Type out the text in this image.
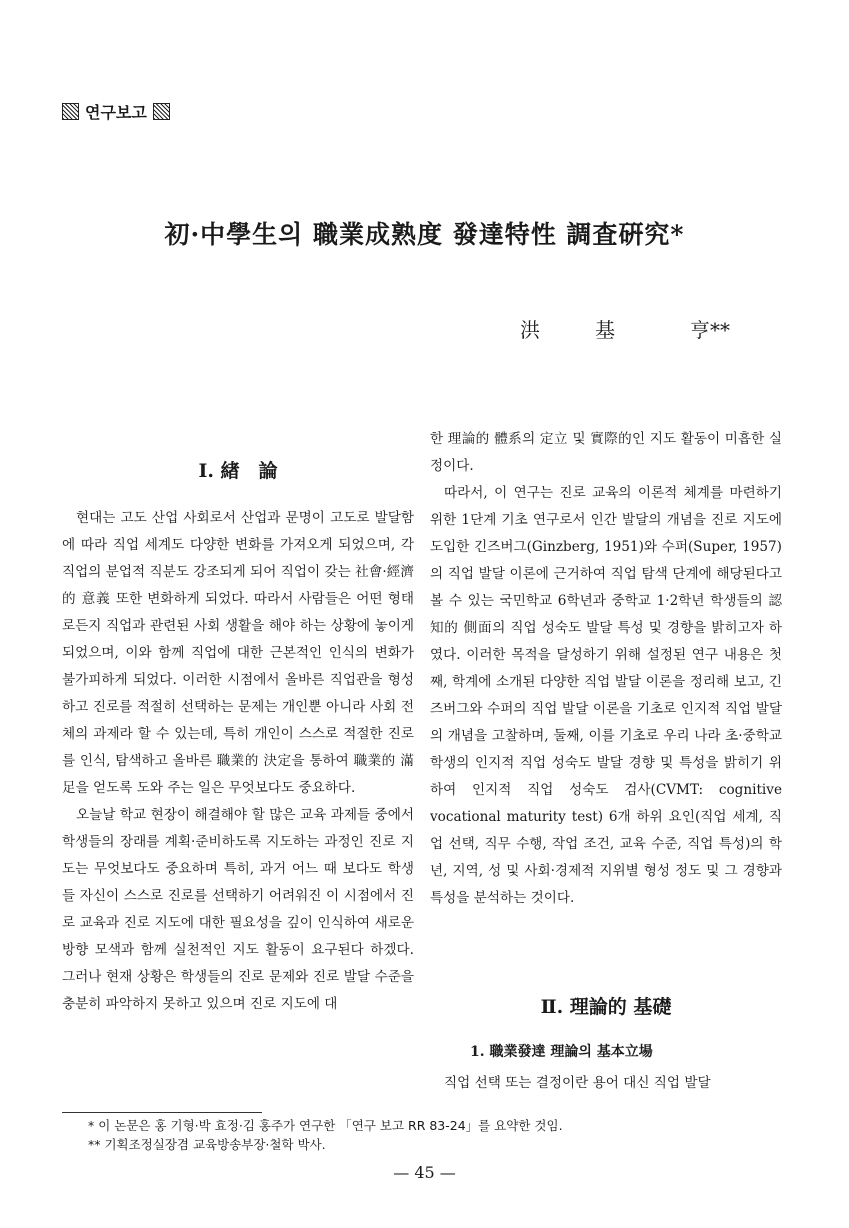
연구보고
初·中學生의 職業成熟度 發達特性 調査硏究*
洪	基	亨**
Ⅰ. 緖　論

현대는 고도 산업 사회로서 산업과 문명이 고도로 발달함에 따라 직업 세계도 다양한 변화를 가져오게 되었으며, 각 직업의 분업적 직분도 강조되게 되어 직업이 갖는 社會·經濟的 意義 또한 변화하게 되었다. 따라서 사람들은 어떤 형태로든지 직업과 관련된 사회 생활을 해야 하는 상황에 놓이게 되었으며, 이와 함께 직업에 대한 근본적인 인식의 변화가 불가피하게 되었다. 이러한 시점에서 올바른 직업관을 형성하고 진로를 적절히 선택하는 문제는 개인뿐 아니라 사회 전체의 과제라 할 수 있는데, 특히 개인이 스스로 적절한 진로를 인식, 탐색하고 올바른 職業的 決定을 통하여 職業的 滿足을 얻도록 도와 주는 일은 무엇보다도 중요하다.

오늘날 학교 현장이 해결해야 할 많은 교육 과제들 중에서 학생들의 장래를 계획·준비하도록 지도하는 과정인 진로 지도는 무엇보다도 중요하며 특히, 과거 어느 때 보다도 학생들 자신이 스스로 진로를 선택하기 어려워진 이 시점에서 진로 교육과 진로 지도에 대한 필요성을 깊이 인식하여 새로운 방향 모색과 함께 실천적인 지도 활동이 요구된다 하겠다. 그러나 현재 상황은 학생들의 진로 문제와 진로 발달 수준을 충분히 파악하지 못하고 있으며 진로 지도에 대

한 理論的 體系의 定立 및 實際的인 지도 활동이 미흡한 실정이다.

따라서, 이 연구는 진로 교육의 이론적 체계를 마련하기 위한 1단계 기초 연구로서 인간 발달의 개념을 진로 지도에 도입한 긴즈버그(Ginzberg, 1951)와 수퍼(Super, 1957)의 직업 발달 이론에 근거하여 직업 탐색 단계에 해당된다고 볼 수 있는 국민학교 6학년과 중학교 1·2학년 학생들의 認知的 側面의 직업 성숙도 발달 특성 및 경향을 밝히고자 하였다. 이러한 목적을 달성하기 위해 설정된 연구 내용은 첫째, 학계에 소개된 다양한 직업 발달 이론을 정리해 보고, 긴즈버그와 수퍼의 직업 발달 이론을 기초로 인지적 직업 발달의 개념을 고찰하며, 둘째, 이를 기초로 우리 나라 초·중학교 학생의 인지적 직업 성숙도 발달 경향 및 특성을 밝히기 위하여 인지적 직업 성숙도 검사(CVMT: cognitive vocational maturity test) 6개 하위 요인(직업 세계, 직업 선택, 직무 수행, 작업 조건, 교육 수준, 직업 특성)의 학년, 지역, 성 및 사회·경제적 지위별 형성 정도 및 그 경향과 특성을 분석하는 것이다.

Ⅱ. 理論的 基礎
1. 職業發達 理論의 基本立場

직업 선택 또는 결정이란 용어 대신 직업 발달

* 이 논문은 홍 기형·박 효정·김 홍주가 연구한 「연구 보고 RR 83-24」를 요약한 것임.
** 기획조정실장겸 교육방송부장·철학 박사.
— 45 —
